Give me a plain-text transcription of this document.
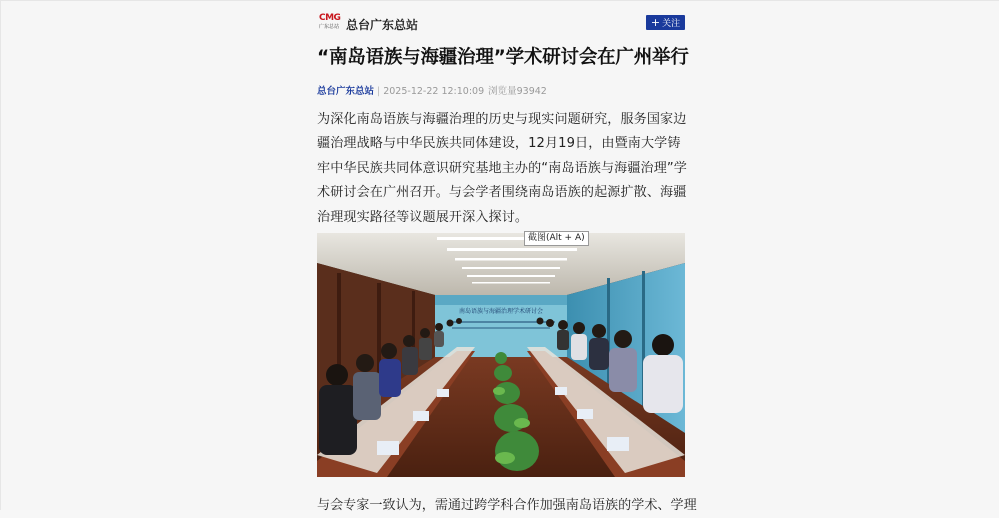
CMG
广东总站 总台广东总站	+ 关注
“南岛语族与海疆治理”学术研讨会在广州举行
总台广东总站 | 2025-12-22 12:10:09 浏览量93942
为深化南岛语族与海疆治理的历史与现实问题研究，服务国家边疆治理战略与中华民族共同体建设，12月19日，由暨南大学铸牢中华民族共同体意识研究基地主办的“南岛语族与海疆治理”学术研讨会在广州召开。与会学者围绕南岛语族的起源扩散、海疆治理现实路径等议题展开深入探讨。
南岛语族与海疆治理学术研讨会
截图(Alt + A)
与会专家一致认为，需通过跨学科合作加强南岛语族的学术、学理
